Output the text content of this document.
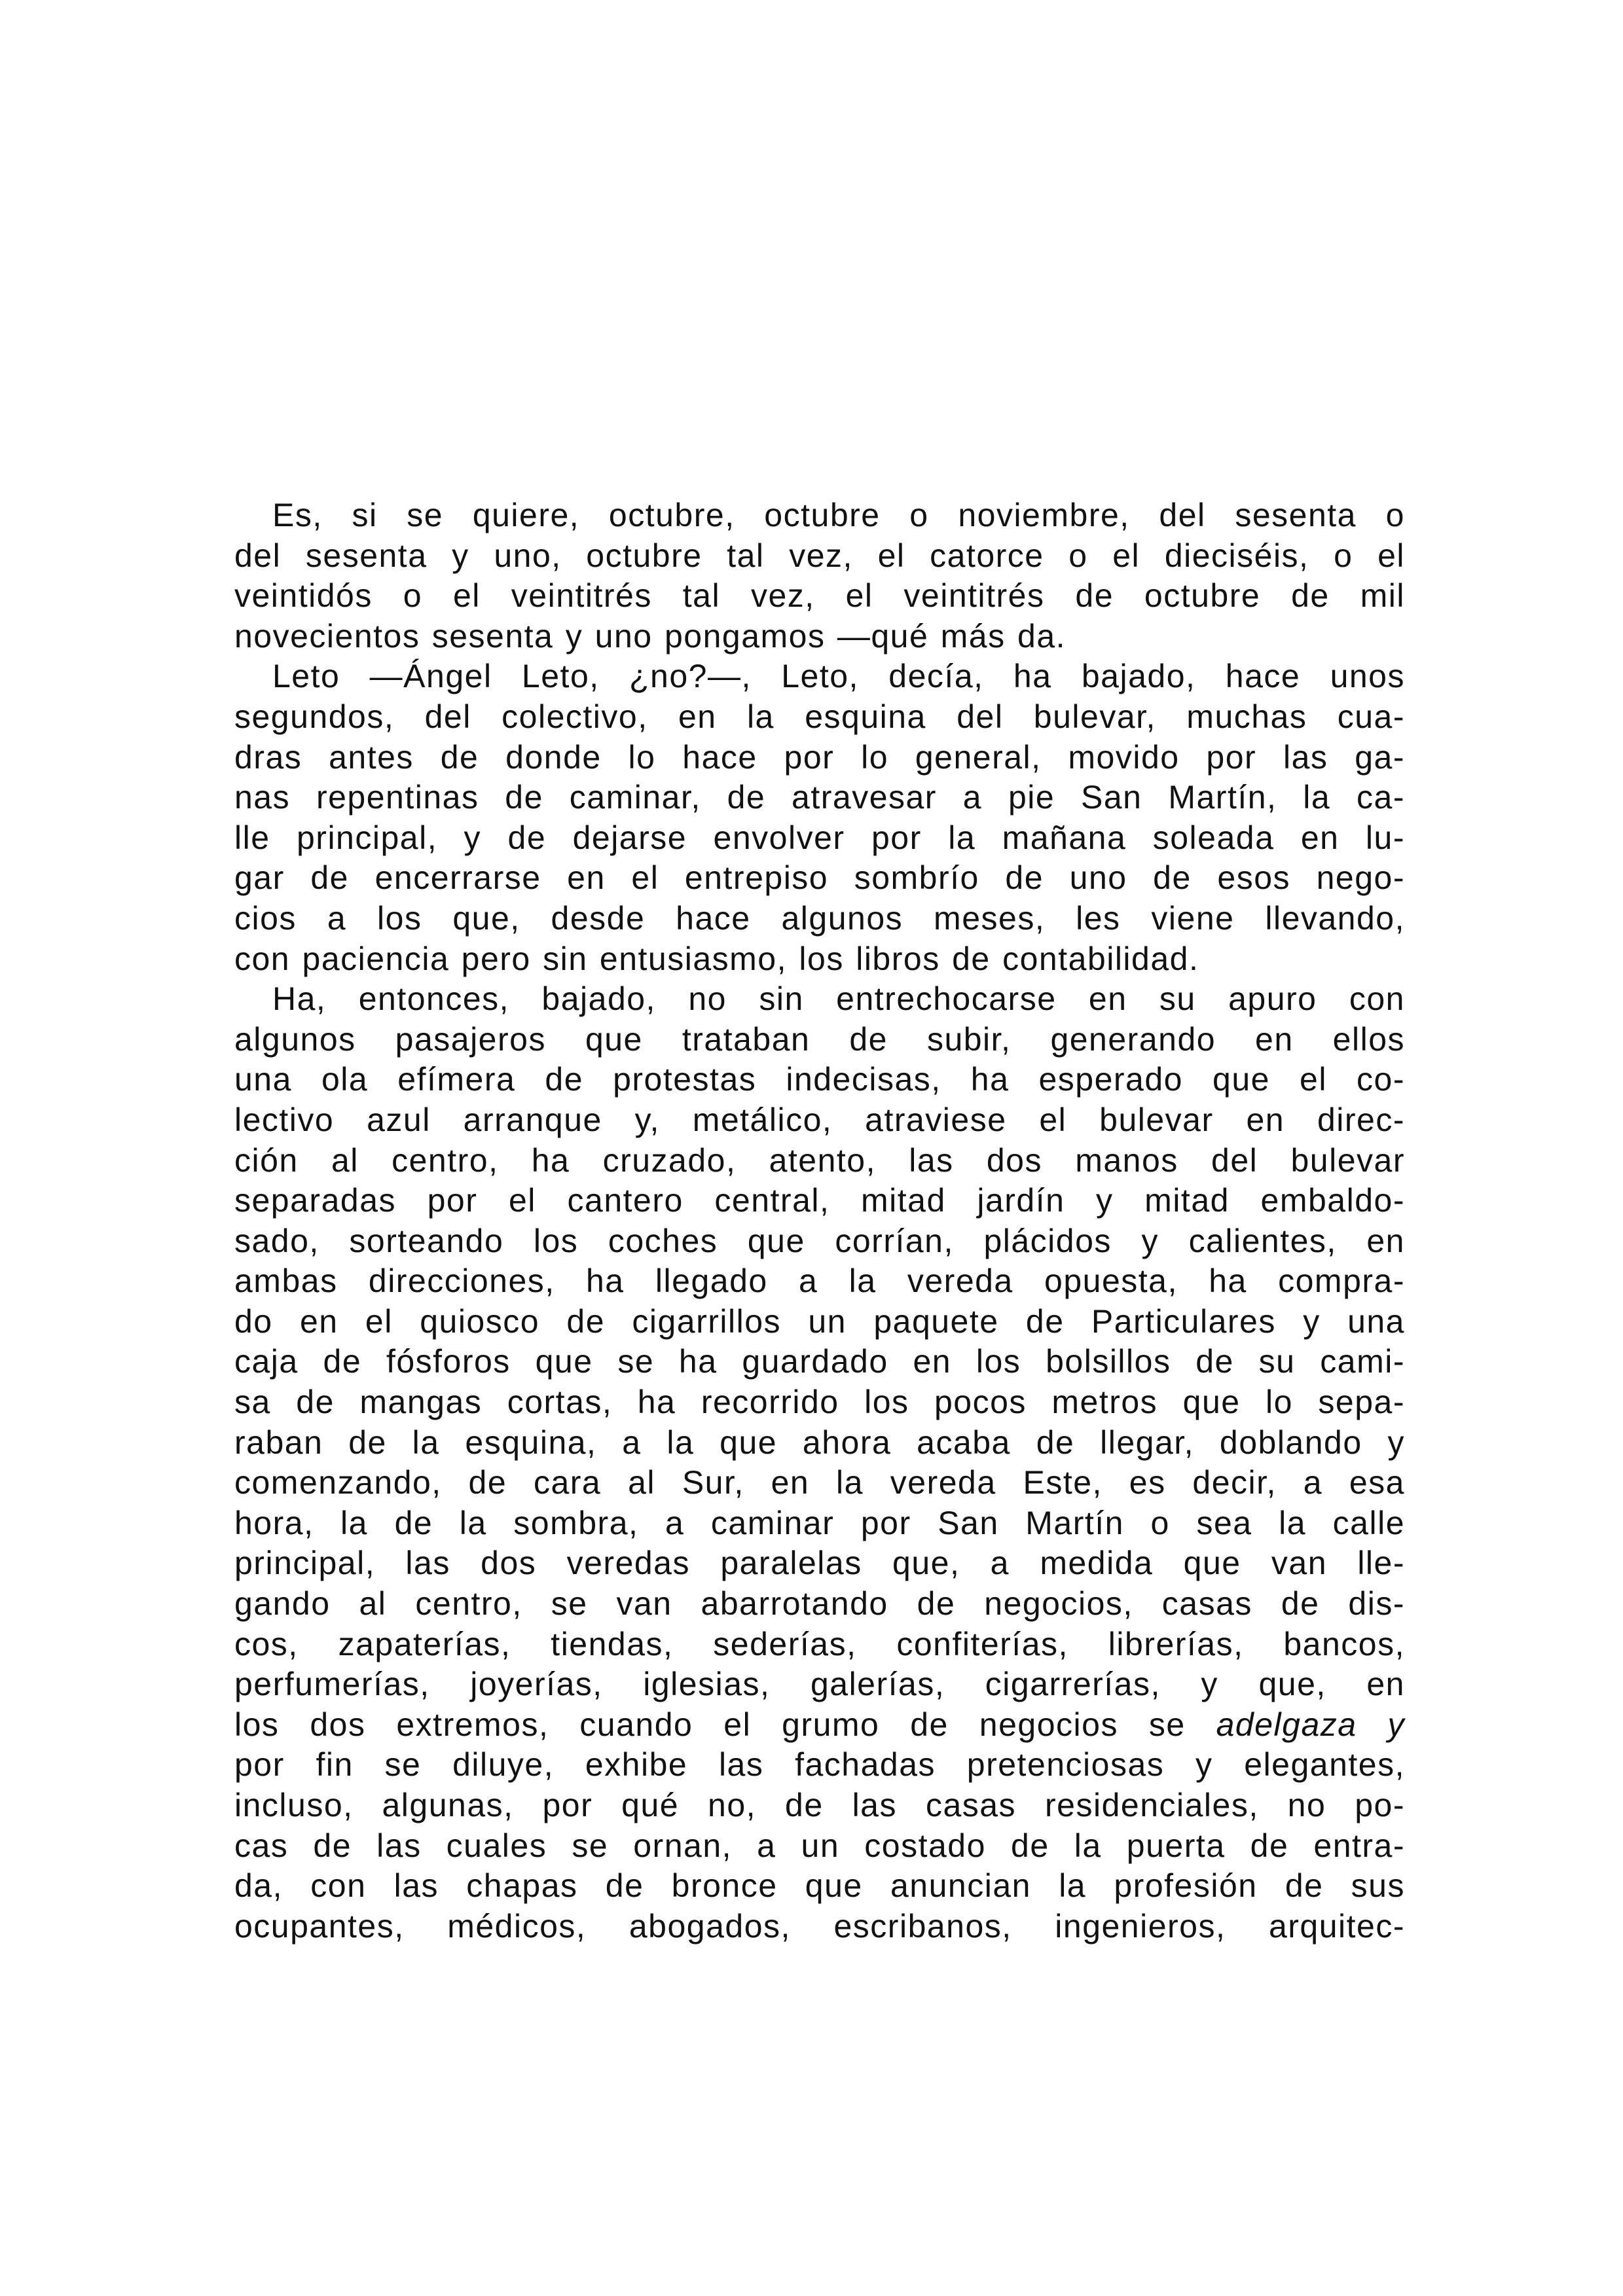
Es, si se quiere, octubre, octubre o noviembre, del sesenta o
del sesenta y uno, octubre tal vez, el catorce o el dieciséis, o el
veintidós o el veintitrés tal vez, el veintitrés de octubre de mil
novecientos sesenta y uno pongamos —qué más da.
Leto —Ángel Leto, ¿no?—, Leto, decía, ha bajado, hace unos
segundos, del colectivo, en la esquina del bulevar, muchas cua-
dras antes de donde lo hace por lo general, movido por las ga-
nas repentinas de caminar, de atravesar a pie San Martín, la ca-
lle principal, y de dejarse envolver por la mañana soleada en lu-
gar de encerrarse en el entrepiso sombrío de uno de esos nego-
cios a los que, desde hace algunos meses, les viene llevando,
con paciencia pero sin entusiasmo, los libros de contabilidad.
Ha, entonces, bajado, no sin entrechocarse en su apuro con
algunos pasajeros que trataban de subir, generando en ellos
una ola efímera de protestas indecisas, ha esperado que el co-
lectivo azul arranque y, metálico, atraviese el bulevar en direc-
ción al centro, ha cruzado, atento, las dos manos del bulevar
separadas por el cantero central, mitad jardín y mitad embaldo-
sado, sorteando los coches que corrían, plácidos y calientes, en
ambas direcciones, ha llegado a la vereda opuesta, ha compra-
do en el quiosco de cigarrillos un paquete de Particulares y una
caja de fósforos que se ha guardado en los bolsillos de su cami-
sa de mangas cortas, ha recorrido los pocos metros que lo sepa-
raban de la esquina, a la que ahora acaba de llegar, doblando y
comenzando, de cara al Sur, en la vereda Este, es decir, a esa
hora, la de la sombra, a caminar por San Martín o sea la calle
principal, las dos veredas paralelas que, a medida que van lle-
gando al centro, se van abarrotando de negocios, casas de dis-
cos, zapaterías, tiendas, sederías, confiterías, librerías, bancos,
perfumerías, joyerías, iglesias, galerías, cigarrerías, y que, en
los dos extremos, cuando el grumo de negocios se adelgaza y
por fin se diluye, exhibe las fachadas pretenciosas y elegantes,
incluso, algunas, por qué no, de las casas residenciales, no po-
cas de las cuales se ornan, a un costado de la puerta de entra-
da, con las chapas de bronce que anuncian la profesión de sus
ocupantes, médicos, abogados, escribanos, ingenieros, arquitec-
